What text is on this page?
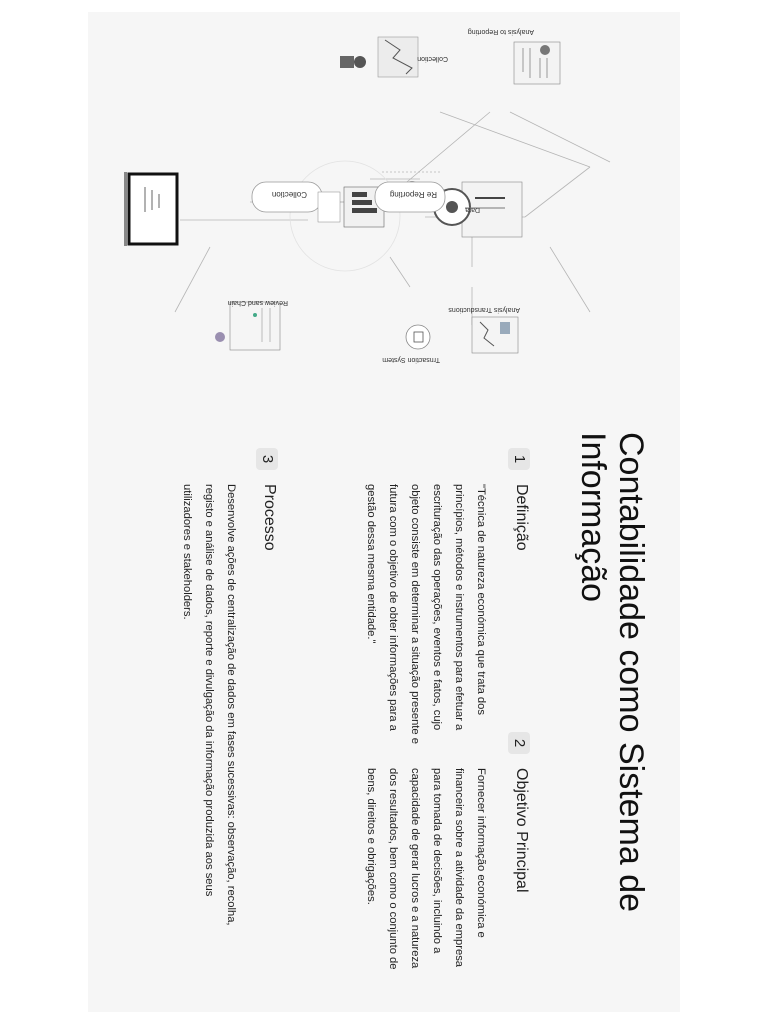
Collection
Analysis to Reporting
Data
Collection	Re Reporting
Analysis Transductions
Trnsaction System
Review sand Chain
Contabilidade como Sistema de Informação
1
Definição
"Técnica de natureza económica que trata dos princípios, métodos e instrumentos para efetuar a escrituração das operações, eventos e fatos, cujo objeto consiste em determinar a situação presente e futura com o objetivo de obter informações para a gestão dessa mesma entidade."
2
Objetivo Principal
Fornecer informação económica e financeira sobre a atividade da empresa para tomada de decisões, incluindo a capacidade de gerar lucros e a natureza dos resultados, bem como o conjunto de bens, direitos e obrigações.
3
Processo
Desenvolve ações de centralização de dados em fases sucessivas: observação, recolha, registo e análise de dados, reporte e divulgação da informação produzida aos seus utilizadores e stakeholders.
